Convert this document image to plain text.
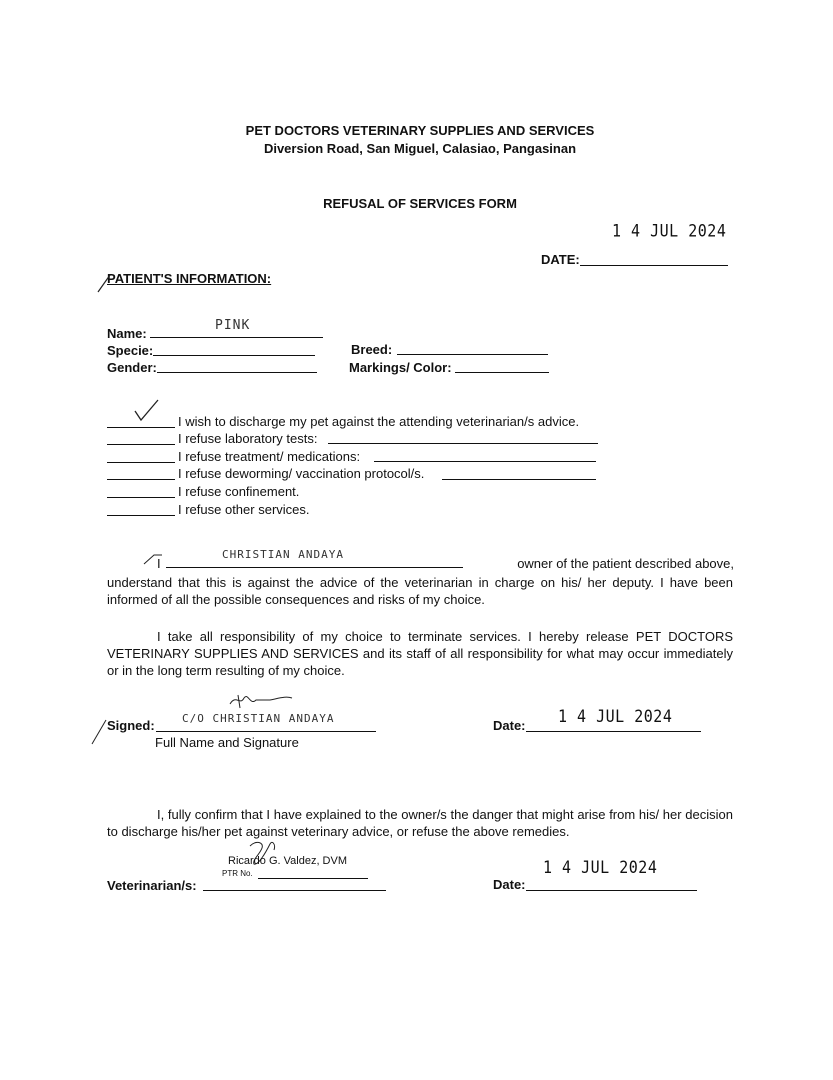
PET DOCTORS VETERINARY SUPPLIES AND SERVICES
Diversion Road, San Miguel, Calasiao, Pangasinan
REFUSAL OF SERVICES FORM
1 4 JUL 2024
DATE:
PATIENT'S INFORMATION:
Name:
PINK
Specie:
Gender:
Breed:
Markings/ Color:
I wish to discharge my pet against the attending veterinarian/s advice.
I refuse laboratory tests:
I refuse treatment/ medications:
I refuse deworming/ vaccination protocol/s.
I refuse confinement.
I refuse other services.
I
CHRISTIAN ANDAYA
owner of the patient described above,
understand that this is against the advice of the veterinarian in charge on his/ her deputy. I have been informed of all the possible consequences and risks of my choice.
I take all responsibility of my choice to terminate services. I hereby release PET DOCTORS VETERINARY SUPPLIES AND SERVICES and its staff of all responsibility for what may occur immediately or in the long term resulting of my choice.
Signed: C/O CHRISTIAN ANDAYA
Full Name and Signature
Date: 1 4 JUL 2024
I, fully confirm that I have explained to the owner/s the danger that might arise from his/ her decision to discharge his/her pet against veterinary advice, or refuse the above remedies.
Ricardo G. Valdez, DVM
PTR No.
Veterinarian/s:
1 4 JUL 2024
Date:
